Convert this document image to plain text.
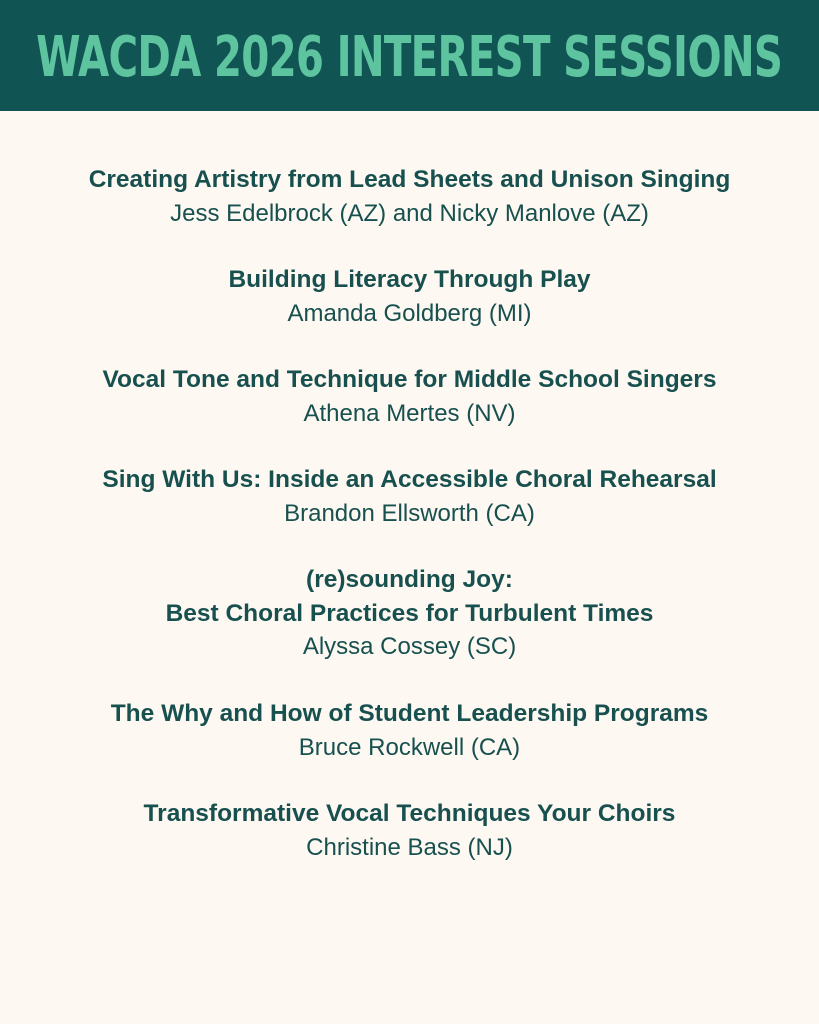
WACDA 2026 INTEREST SESSIONS

Creating Artistry from Lead Sheets and Unison Singing

Jess Edelbrock (AZ) and Nicky Manlove (AZ)

Building Literacy Through Play

Amanda Goldberg (MI)

Vocal Tone and Technique for Middle School Singers

Athena Mertes (NV)

Sing With Us: Inside an Accessible Choral Rehearsal

Brandon Ellsworth (CA)

(re)sounding Joy:

Best Choral Practices for Turbulent Times

Alyssa Cossey (SC)

The Why and How of Student Leadership Programs

Bruce Rockwell (CA)

Transformative Vocal Techniques Your Choirs

Christine Bass (NJ)
